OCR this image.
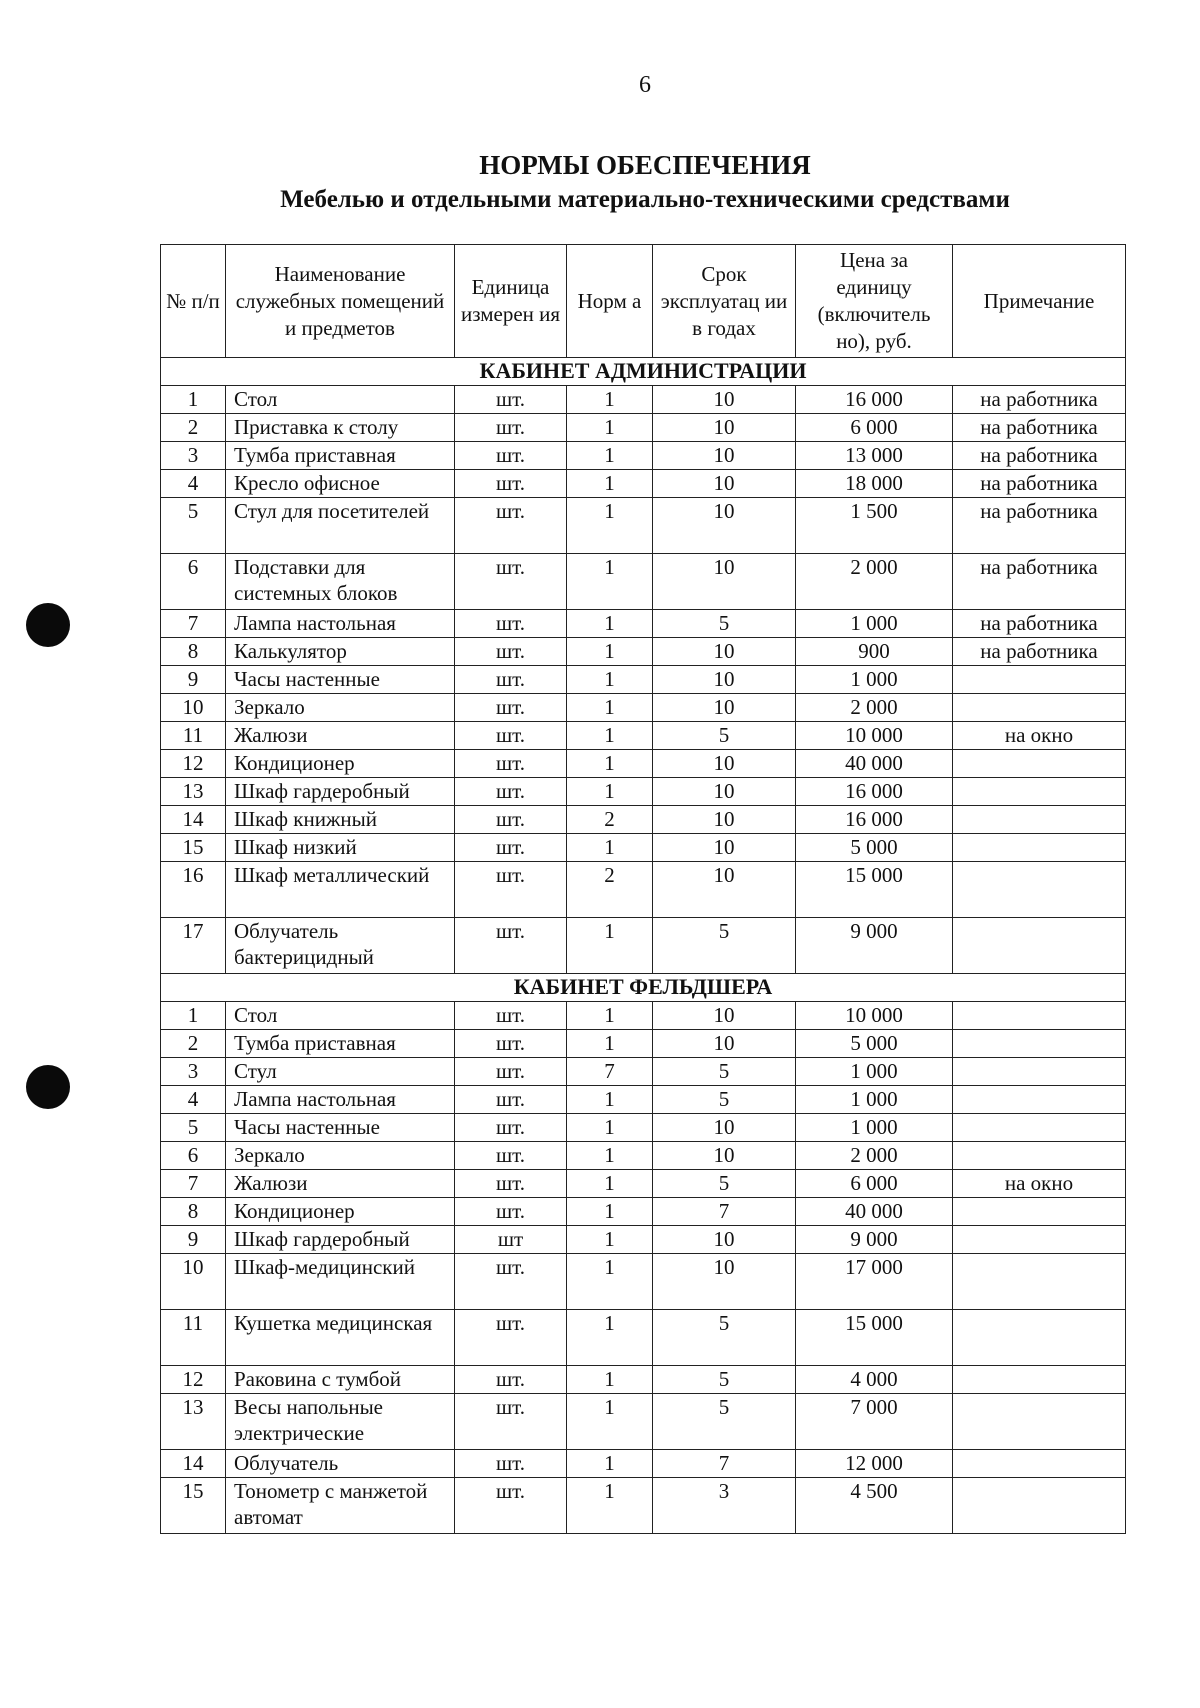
6
НОРМЫ ОБЕСПЕЧЕНИЯ
Мебелью и отдельными материально-техническими средствами
№ п/п	Наименование служебных помещений и предметов	Единица измерен ия	Норм а	Срок эксплуатац ии в годах	Цена за единицу (включитель но), руб.	Примечание
КАБИНЕТ АДМИНИСТРАЦИИ						
1	Стол	шт.	1	10	16 000	на работника
2	Приставка к столу	шт.	1	10	6 000	на работника
3	Тумба приставная	шт.	1	10	13 000	на работника
4	Кресло офисное	шт.	1	10	18 000	на работника
5	Стул для посетителей	шт.	1	10	1 500	на работника
6	Подставки для системных блоков	шт.	1	10	2 000	на работника
7	Лампа настольная	шт.	1	5	1 000	на работника
8	Калькулятор	шт.	1	10	900	на работника
9	Часы настенные	шт.	1	10	1 000	
10	Зеркало	шт.	1	10	2 000	
11	Жалюзи	шт.	1	5	10 000	на окно
12	Кондиционер	шт.	1	10	40 000	
13	Шкаф гардеробный	шт.	1	10	16 000	
14	Шкаф книжный	шт.	2	10	16 000	
15	Шкаф низкий	шт.	1	10	5 000	
16	Шкаф металлический	шт.	2	10	15 000	
17	Облучатель бактерицидный	шт.	1	5	9 000	
КАБИНЕТ ФЕЛЬДШЕРА						
1	Стол	шт.	1	10	10 000	
2	Тумба приставная	шт.	1	10	5 000	
3	Стул	шт.	7	5	1 000	
4	Лампа настольная	шт.	1	5	1 000	
5	Часы настенные	шт.	1	10	1 000	
6	Зеркало	шт.	1	10	2 000	
7	Жалюзи	шт.	1	5	6 000	на окно
8	Кондиционер	шт.	1	7	40 000	
9	Шкаф гардеробный	шт	1	10	9 000	
10	Шкаф-медицинский	шт.	1	10	17 000	
11	Кушетка медицинская	шт.	1	5	15 000	
12	Раковина с тумбой	шт.	1	5	4 000	
13	Весы напольные электрические	шт.	1	5	7 000	
14	Облучатель	шт.	1	7	12 000	
15	Тонометр с манжетой автомат	шт.	1	3	4 500	
